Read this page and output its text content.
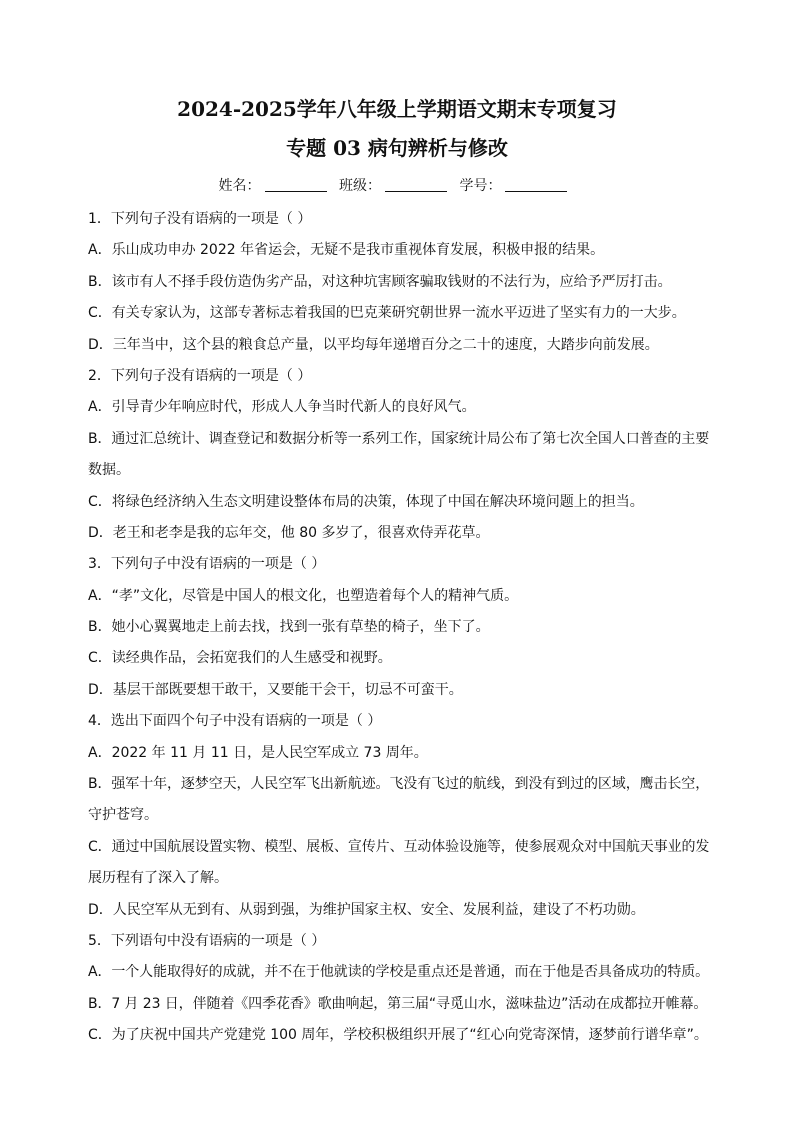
2024-2025学年八年级上学期语文期末专项复习
专题 03 病句辨析与修改
姓名：	班级：	学号：
1．下列句子没有语病的一项是（ ）
A．乐山成功申办 2022 年省运会，无疑不是我市重视体育发展，积极申报的结果。
B．该市有人不择手段仿造伪劣产品，对这种坑害顾客骗取钱财的不法行为，应给予严厉打击。
C．有关专家认为，这部专著标志着我国的巴克莱研究朝世界一流水平迈进了坚实有力的一大步。
D．三年当中，这个县的粮食总产量，以平均每年递增百分之二十的速度，大踏步向前发展。
2．下列句子没有语病的一项是（ ）
A．引导青少年响应时代，形成人人争当时代新人的良好风气。
B．通过汇总统计、调查登记和数据分析等一系列工作，国家统计局公布了第七次全国人口普查的主要
数据。
C．将绿色经济纳入生态文明建设整体布局的决策，体现了中国在解决环境问题上的担当。
D．老王和老李是我的忘年交，他 80 多岁了，很喜欢侍弄花草。
3．下列句子中没有语病的一项是（ ）
A．“孝”文化，尽管是中国人的根文化，也塑造着每个人的精神气质。
B．她小心翼翼地走上前去找，找到一张有草垫的椅子，坐下了。
C．读经典作品，会拓宽我们的人生感受和视野。
D．基层干部既要想干敢干，又要能干会干，切忌不可蛮干。
4．选出下面四个句子中没有语病的一项是（ ）
A．2022 年 11 月 11 日，是人民空军成立 73 周年。
B．强军十年，逐梦空天，人民空军飞出新航迹。飞没有飞过的航线，到没有到过的区域，鹰击长空，
守护苍穹。
C．通过中国航展设置实物、模型、展板、宣传片、互动体验设施等，使参展观众对中国航天事业的发
展历程有了深入了解。
D．人民空军从无到有、从弱到强，为维护国家主权、安全、发展利益，建设了不朽功勋。
5．下列语句中没有语病的一项是（ ）
A．一个人能取得好的成就，并不在于他就读的学校是重点还是普通，而在于他是否具备成功的特质。
B．7 月 23 日，伴随着《四季花香》歌曲响起，第三届“寻觅山水，滋味盐边”活动在成都拉开帷幕。
C．为了庆祝中国共产党建党 100 周年，学校积极组织开展了“红心向党寄深情，逐梦前行谱华章”。
